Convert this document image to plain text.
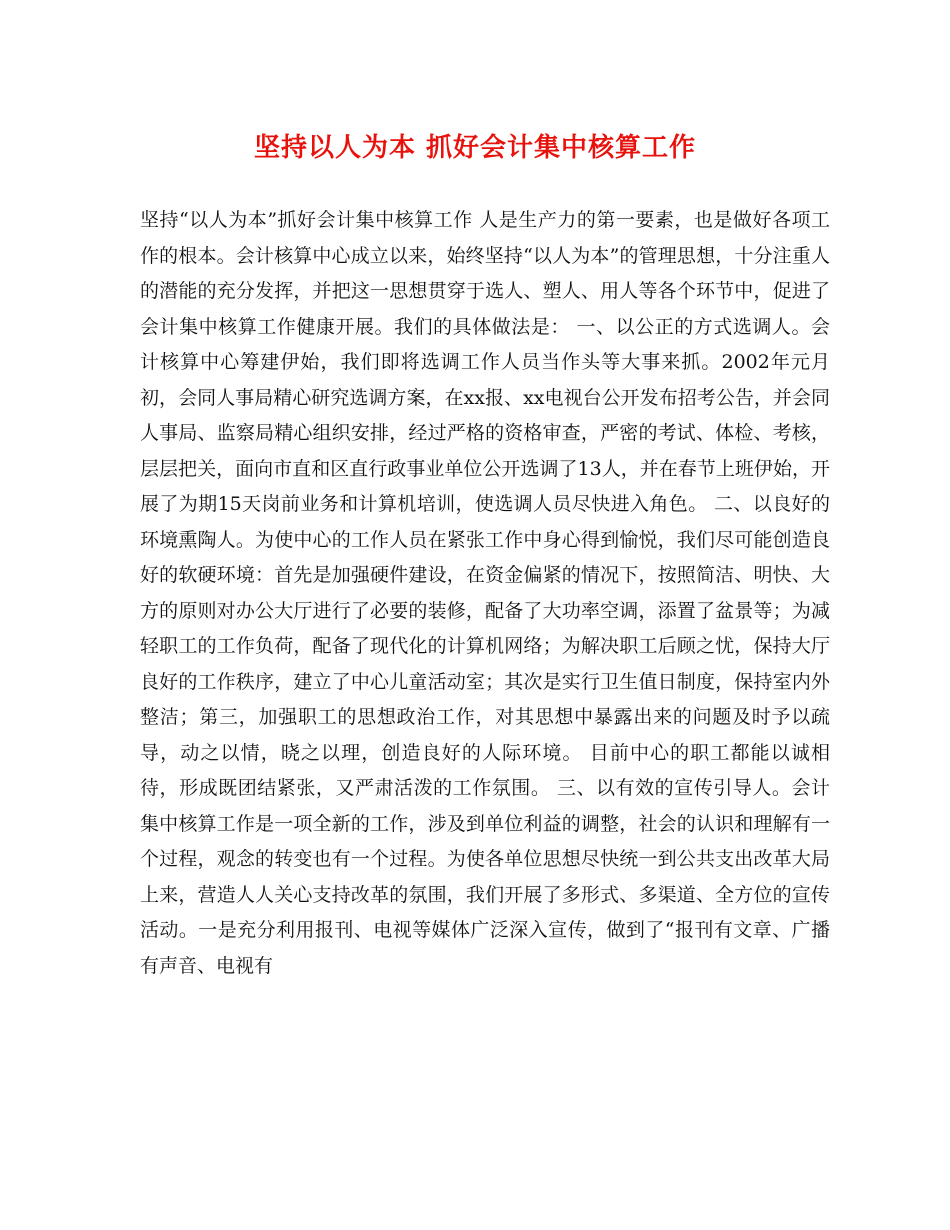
坚持以人为本 抓好会计集中核算工作
坚持“以人为本”抓好会计集中核算工作 人是生产力的第一要素，也是做好各项工作的根本。会计核算中心成立以来，始终坚持“以人为本”的管理思想，十分注重人的潜能的充分发挥，并把这一思想贯穿于选人、塑人、用人等各个环节中，促进了会计集中核算工作健康开展。我们的具体做法是： 一、以公正的方式选调人。会计核算中心筹建伊始，我们即将选调工作人员当作头等大事来抓。2002年元月初，会同人事局精心研究选调方案，在xx报、xx电视台公开发布招考公告，并会同人事局、监察局精心组织安排，经过严格的资格审查，严密的考试、体检、考核，层层把关，面向市直和区直行政事业单位公开选调了13人，并在春节上班伊始，开展了为期15天岗前业务和计算机培训，使选调人员尽快进入角色。 二、以良好的环境熏陶人。为使中心的工作人员在紧张工作中身心得到愉悦，我们尽可能创造良好的软硬环境：首先是加强硬件建设，在资金偏紧的情况下，按照简洁、明快、大方的原则对办公大厅进行了必要的装修，配备了大功率空调，添置了盆景等；为减轻职工的工作负荷，配备了现代化的计算机网络；为解决职工后顾之忧，保持大厅良好的工作秩序，建立了中心儿童活动室；其次是实行卫生值日制度，保持室内外整洁；第三，加强职工的思想政治工作，对其思想中暴露出来的问题及时予以疏导，动之以情，晓之以理，创造良好的人际环境。 目前中心的职工都能以诚相待，形成既团结紧张，又严肃活泼的工作氛围。 三、以有效的宣传引导人。会计集中核算工作是一项全新的工作，涉及到单位利益的调整，社会的认识和理解有一个过程，观念的转变也有一个过程。为使各单位思想尽快统一到公共支出改革大局上来，营造人人关心支持改革的氛围，我们开展了多形式、多渠道、全方位的宣传活动。一是充分利用报刊、电视等媒体广泛深入宣传，做到了“报刊有文章、广播有声音、电视有
